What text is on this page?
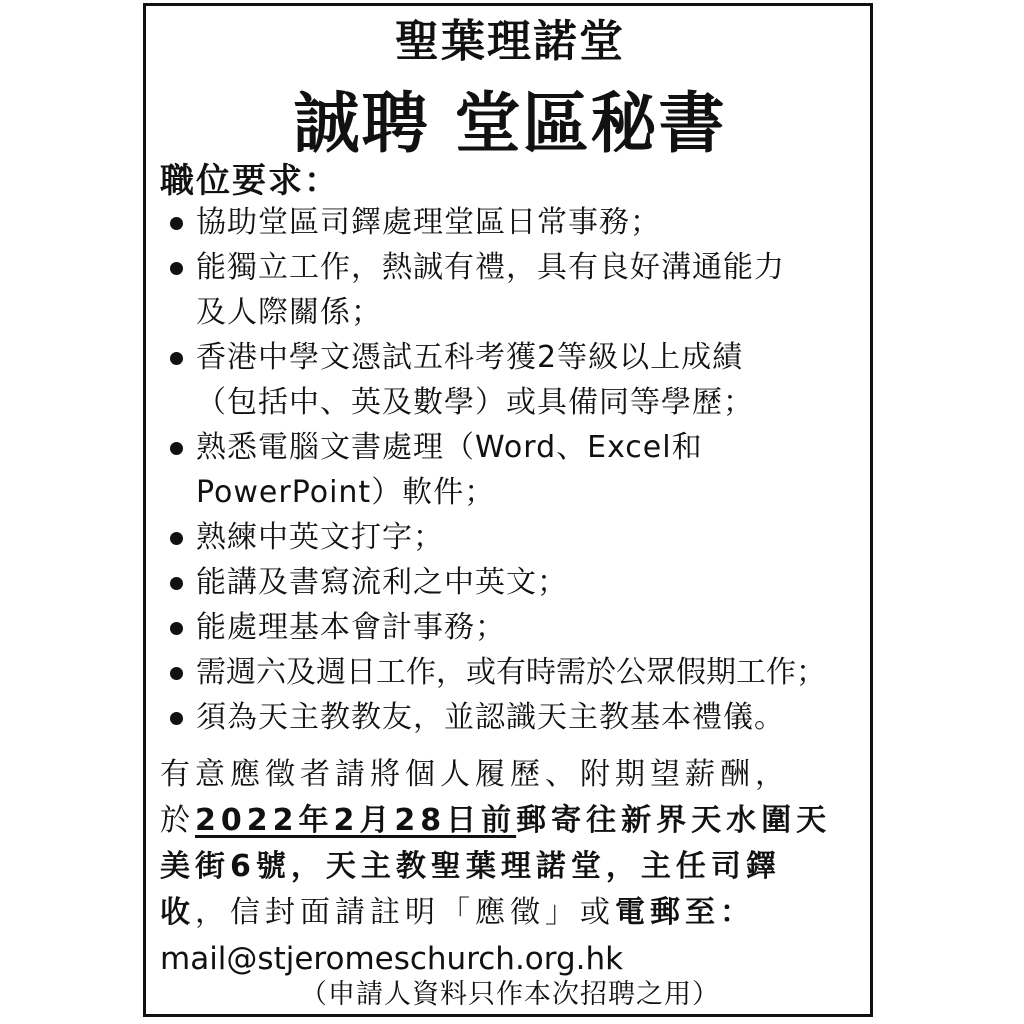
聖葉理諾堂
誠聘 堂區秘書
職位要求：
協助堂區司鐸處理堂區日常事務；
能獨立工作，熱誠有禮，具有良好溝通能力
及人際關係；
香港中學文憑試五科考獲2等級以上成績
（包括中、英及數學）或具備同等學歷；
熟悉電腦文書處理（Word、Excel和
PowerPoint）軟件；
熟練中英文打字；
能講及書寫流利之中英文；
能處理基本會計事務；
需週六及週日工作，或有時需於公眾假期工作；
須為天主教教友，並認識天主教基本禮儀。
有意應徵者請將個人履歷、附期望薪酬，
於2022年2月28日前郵寄往新界天水圍天
美街6號，天主教聖葉理諾堂，主任司鐸
收，信封面請註明「應徵」或電郵至：
mail@stjeromeschurch.org.hk
（申請人資料只作本次招聘之用）
